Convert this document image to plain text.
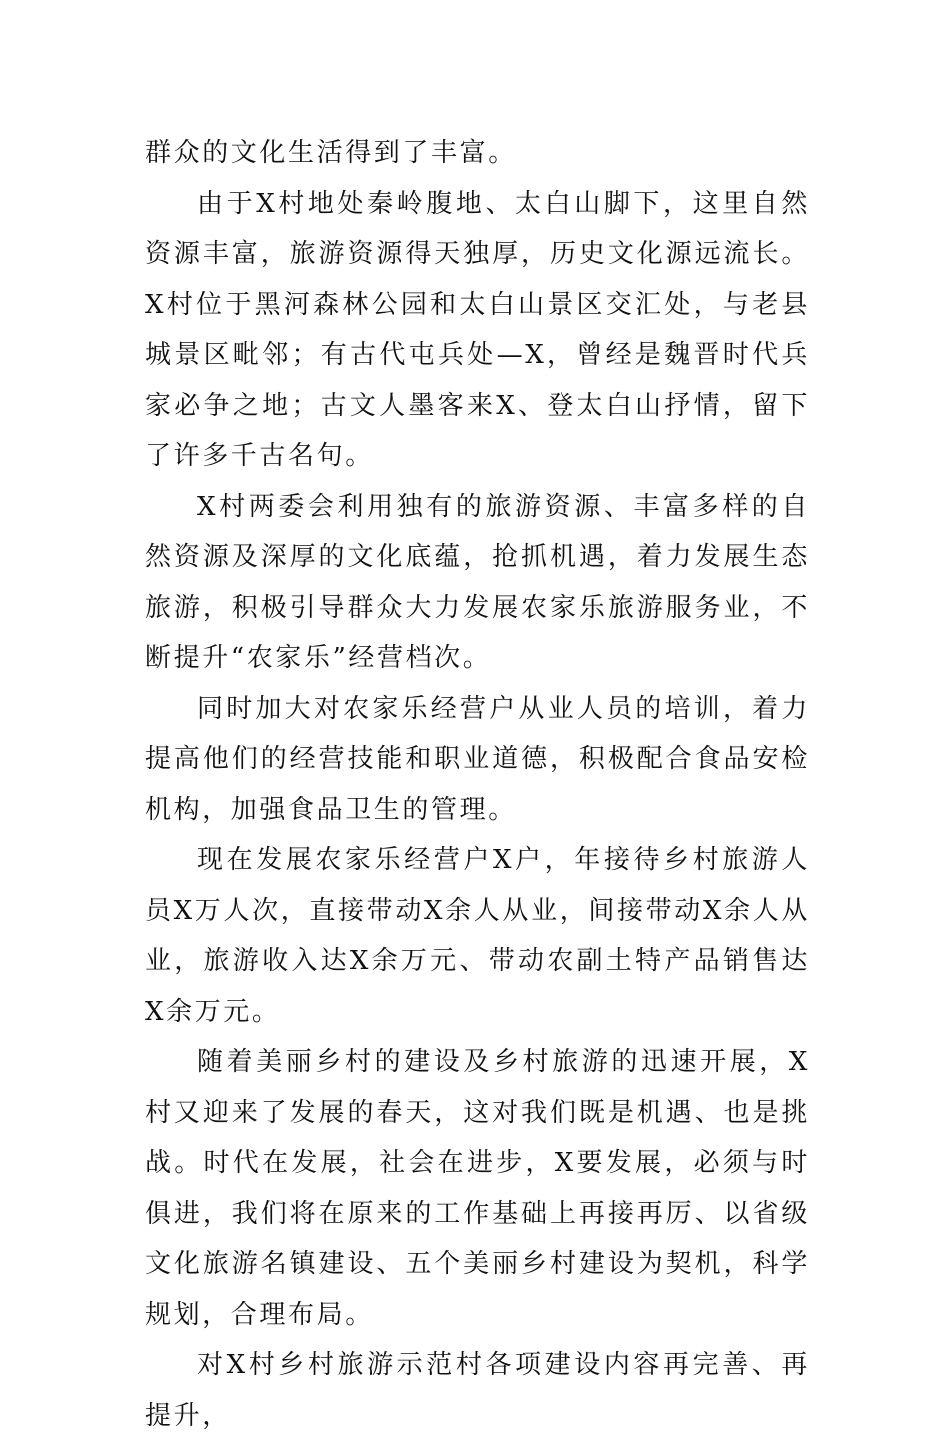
群众的文化生活得到了丰富。

由于X村地处秦岭腹地、太白山脚下，这里自然资源丰富，旅游资源得天独厚，历史文化源远流长。X村位于黑河森林公园和太白山景区交汇处，与老县城景区毗邻；有古代屯兵处—X，曾经是魏晋时代兵家必争之地；古文人墨客来X、登太白山抒情，留下了许多千古名句。

X村两委会利用独有的旅游资源、丰富多样的自然资源及深厚的文化底蕴，抢抓机遇，着力发展生态旅游，积极引导群众大力发展农家乐旅游服务业，不断提升“农家乐”经营档次。

同时加大对农家乐经营户从业人员的培训，着力提高他们的经营技能和职业道德，积极配合食品安检机构，加强食品卫生的管理。

现在发展农家乐经营户X户，年接待乡村旅游人员X万人次，直接带动X余人从业，间接带动X余人从业，旅游收入达X余万元、带动农副土特产品销售达X余万元。

随着美丽乡村的建设及乡村旅游的迅速开展，X村又迎来了发展的春天，这对我们既是机遇、也是挑战。时代在发展，社会在进步，X要发展，必须与时俱进，我们将在原来的工作基础上再接再厉、以省级文化旅游名镇建设、五个美丽乡村建设为契机，科学规划，合理布局。

对X村乡村旅游示范村各项建设内容再完善、再提升，
